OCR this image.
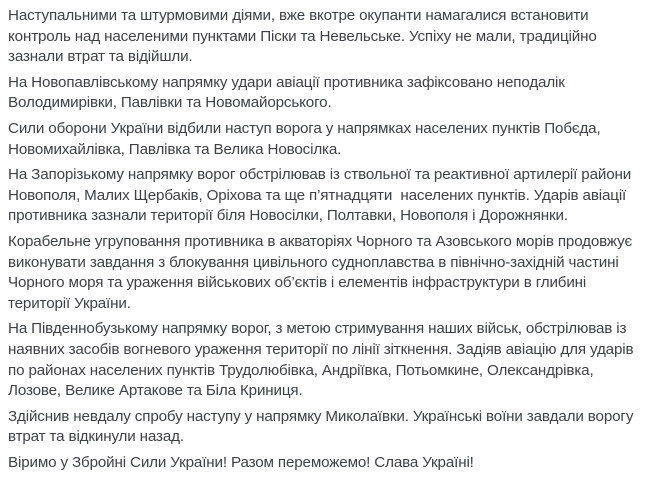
Наступальними та штурмовими діями, вже вкотре окупанти намагалися встановити контроль над населеними пунктами Піски та Невельське. Успіху не мали, традиційно зазнали втрат та відійшли.

На Новопавлівському напрямку удари авіації противника зафіксовано неподалік Володимирівки, Павлівки та Новомайорського.

Сили оборони України відбили наступ ворога у напрямках населених пунктів Побєда, Новомихайлівка, Павлівка та Велика Новосілка.

На Запорізькому напрямку ворог обстрілював із ствольної та реактивної артилерії райони Новополя, Малих Щербаків, Оріхова та ще п’ятнадцяти  населених пунктів. Ударів авіації противника зазнали території біля Новосілки, Полтавки, Новополя і Дорожнянки.

Корабельне угруповання противника в акваторіях Чорного та Азовського морів продовжує виконувати завдання з блокування цивільного судноплавства в північно-західній частині Чорного моря та ураження військових об’єктів і елементів інфраструктури в глибині території України.

На Південнобузькому напрямку ворог, з метою стримування наших військ, обстрілював із наявних засобів вогневого ураження території по лінії зіткнення. Задіяв авіацію для ударів по районах населених пунктів Трудолюбівка, Андріївка, Потьомкине, Олександрівка, Лозове, Велике Артакове та Біла Криниця.

Здійснив невдалу спробу наступу у напрямку Миколаївки. Українські воїни завдали ворогу втрат та відкинули назад.

Віримо у Збройні Сили України! Разом переможемо! Слава Україні!
